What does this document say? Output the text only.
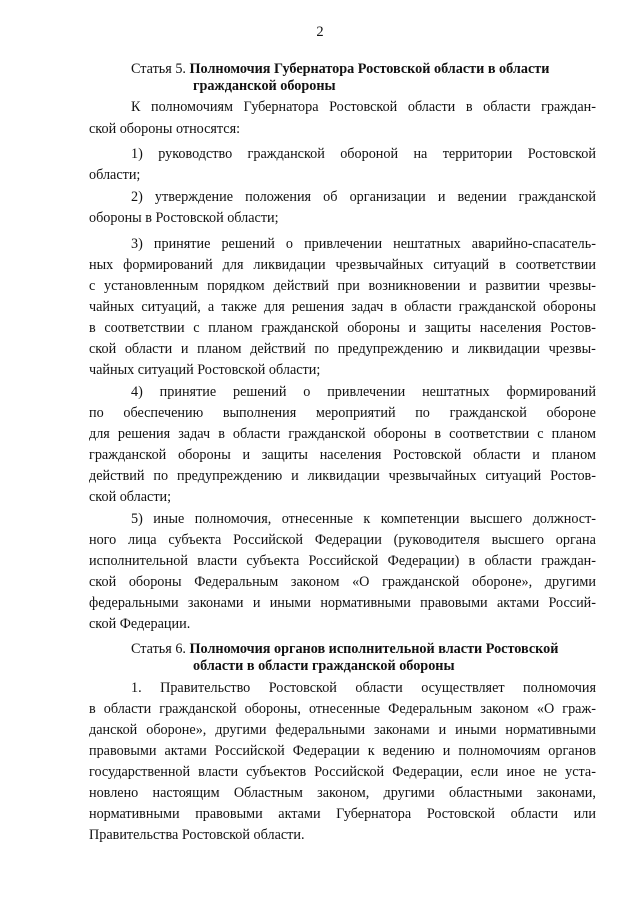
2
Статья 5. Полномочия Губернатора Ростовской области в области
гражданской обороны
К полномочиям Губернатора Ростовской области в области граждан-
ской обороны относятся:
1) руководство гражданской обороной на территории Ростовской
области;
2) утверждение положения об организации и ведении гражданской
обороны в Ростовской области;
3) принятие решений о привлечении нештатных аварийно-спасатель-
ных формирований для ликвидации чрезвычайных ситуаций в соответствии
с установленным порядком действий при возникновении и развитии чрезвы-
чайных ситуаций, а также для решения задач в области гражданской обороны
в соответствии с планом гражданской обороны и защиты населения Ростов-
ской области и планом действий по предупреждению и ликвидации чрезвы-
чайных ситуаций Ростовской области;
4) принятие решений о привлечении нештатных формирований
по обеспечению выполнения мероприятий по гражданской обороне
для решения задач в области гражданской обороны в соответствии с планом
гражданской обороны и защиты населения Ростовской области и планом
действий по предупреждению и ликвидации чрезвычайных ситуаций Ростов-
ской области;
5) иные полномочия, отнесенные к компетенции высшего должност-
ного лица субъекта Российской Федерации (руководителя высшего органа
исполнительной власти субъекта Российской Федерации) в области граждан-
ской обороны Федеральным законом «О гражданской обороне», другими
федеральными законами и иными нормативными правовыми актами Россий-
ской Федерации.
Статья 6. Полномочия органов исполнительной власти Ростовской
области в области гражданской обороны
1. Правительство Ростовской области осуществляет полномочия
в области гражданской обороны, отнесенные Федеральным законом «О граж-
данской обороне», другими федеральными законами и иными нормативными
правовыми актами Российской Федерации к ведению и полномочиям органов
государственной власти субъектов Российской Федерации, если иное не уста-
новлено настоящим Областным законом, другими областными законами,
нормативными правовыми актами Губернатора Ростовской области или
Правительства Ростовской области.
